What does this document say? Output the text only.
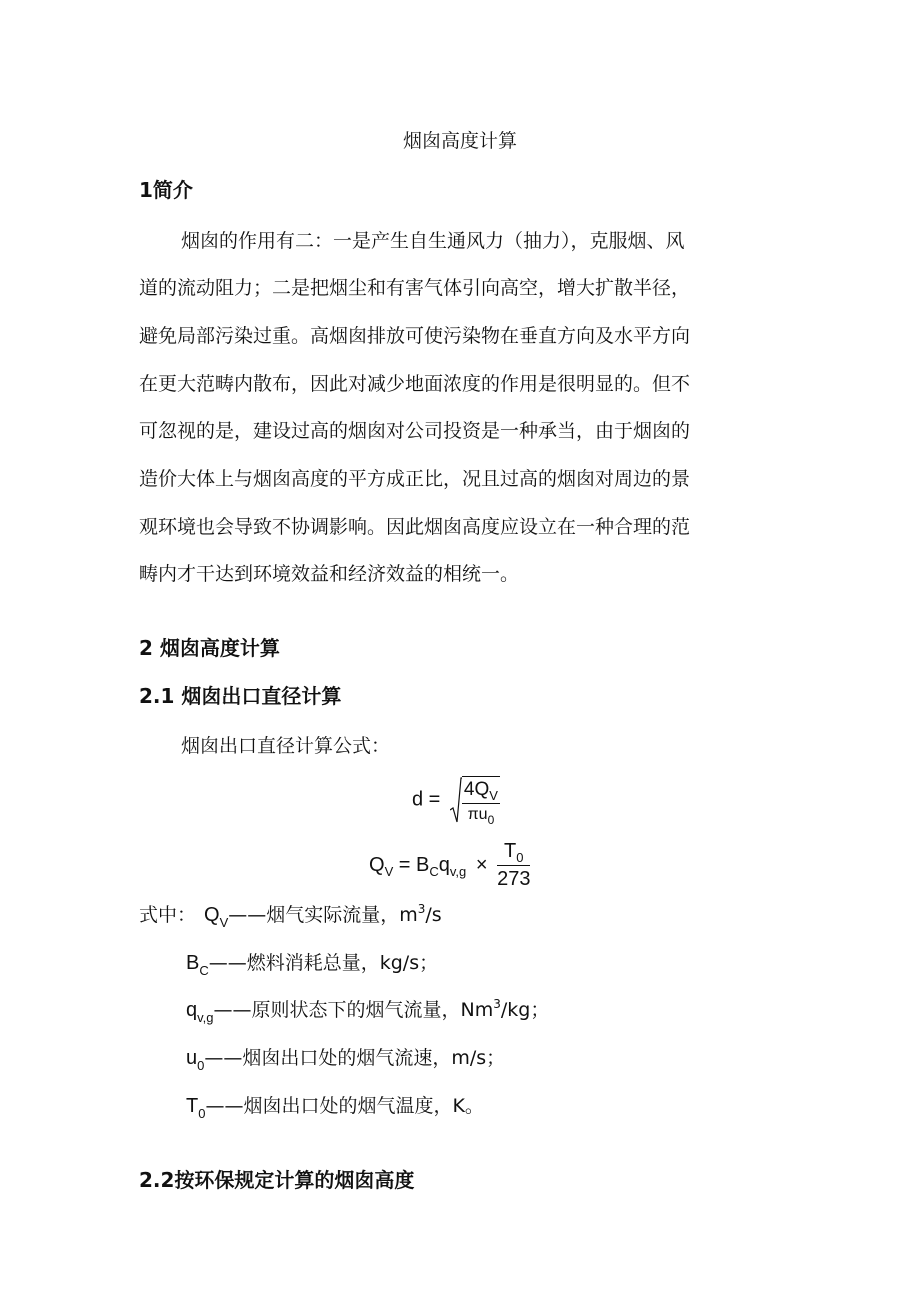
烟囱高度计算
1简介
烟囱的作用有二：一是产生自生通风力（抽力），克服烟、风
道的流动阻力；二是把烟尘和有害气体引向高空，增大扩散半径，
避免局部污染过重。高烟囱排放可使污染物在垂直方向及水平方向
在更大范畴内散布，因此对减少地面浓度的作用是很明显的。但不
可忽视的是，建设过高的烟囱对公司投资是一种承当，由于烟囱的
造价大体上与烟囱高度的平方成正比，况且过高的烟囱对周边的景
观环境也会导致不协调影响。因此烟囱高度应设立在一种合理的范
畴内才干达到环境效益和经济效益的相统一。
2 烟囱高度计算
2.1 烟囱出口直径计算
烟囱出口直径计算公式：
$d = \frac{4Q_V}{\pi u_0}$
$Q_V = B_Cq_{v,g} \times \frac{T_0}{273}$
式中： $Q_V——$烟气实际流量，$m^3/s$
$B_C——$燃料消耗总量，kg/s；
$q_{v,g}——$原则状态下的烟气流量，Nm$^3$/kg；
$u_0——$烟囱出口处的烟气流速，m/s；
$T_0——$烟囱出口处的烟气温度，K。
2.2按环保规定计算的烟囱高度
